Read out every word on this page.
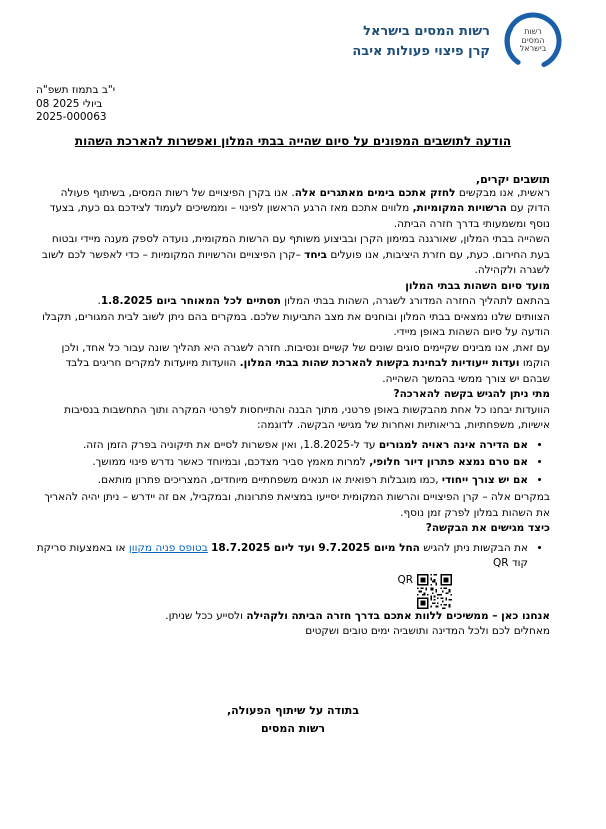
רשות
המסים
בישראל
רשות המסים בישראל
קרן פיצוי פעולות איבה
י"ב בתמוז תשפ"ה
08 ביולי 2025
2025-000063
הודעה לתושבים המפונים על סיום שהייה בבתי המלון ואפשרות להארכת השהות
תושבים יקרים,

ראשית, אנו מבקשים לחזק אתכם בימים מאתגרים אלה. אנו בקרן הפיצויים של רשות המסים, בשיתוף פעולה הדוק עם הרשויות המקומיות, מלווים אתכם מאז הרגע הראשון לפינוי – וממשיכים לעמוד לצידכם גם כעת, בצעד נוסף ומשמעותי בדרך חזרה הביתה.

השהייה בבתי המלון, שאורגנה במימון הקרן ובביצוע משותף עם הרשות המקומית, נועדה לספק מענה מיידי ובטוח בעת החירום. כעת, עם חזרת היציבות, אנו פועלים ביחד –קרן הפיצויים והרשויות המקומיות – כדי לאפשר לכם לשוב לשגרה ולקהילה.

מועד סיום השהות בבתי המלון

בהתאם לתהליך החזרה המדורג לשגרה, השהות בבתי המלון תסתיים לכל המאוחר ביום 1.8.2025.

הצוותים שלנו נמצאים בבתי המלון ובוחנים את מצב התביעות שלכם. במקרים בהם ניתן לשוב לבית המגורים, תקבלו הודעה על סיום השהות באופן מיידי.

עם זאת, אנו מבינים שקיימים סוגים שונים של קשיים ונסיבות. חזרה לשגרה היא תהליך שונה עבור כל אחד, ולכן הוקמו ועדות ייעודיות לבחינת בקשות להארכת שהות בבתי המלון. הוועדות מיועדות למקרים חריגים בלבד שבהם יש צורך ממשי בהמשך השהייה.

מתי ניתן להגיש בקשה להארכה?

הוועדות יבחנו כל אחת מהבקשות באופן פרטני, מתוך הבנה והתייחסות לפרטי המקרה ותוך התחשבות בנסיבות אישיות, משפחתיות, בריאותיות ואחרות של מגישי הבקשה. לדוגמה:

• אם הדירה אינה ראויה למגורים עד ל-1.8.2025, ואין אפשרות לסיים את תיקוניה בפרק הזמן הזה.
• אם טרם נמצא פתרון דיור חלופי, למרות מאמץ סביר מצדכם, ובמיוחד כאשר נדרש פינוי ממושך.
• אם יש צורך ייחודי ,כמו מוגבלות רפואית או תנאים משפחתיים מיוחדים, המצריכים פתרון מותאם.

במקרים אלה – קרן הפיצויים והרשות המקומית יסייעו במציאת פתרונות, ובמקביל, אם זה יידרש – ניתן יהיה להאריך את השהות במלון לפרק זמן נוסף.

כיצד מגישים את הבקשה?

• את הבקשות ניתן להגיש החל מיום 9.7.2025 ועד ליום 18.7.2025 בטופס פניה מקוון או באמצעות סריקת קוד QR
QR

אנחנו כאן – ממשיכים ללוות אתכם בדרך חזרה הביתה ולקהילה ולסייע ככל שניתן.

מאחלים לכם ולכל המדינה ותושביה ימים טובים ושקטים

בתודה על שיתוף הפעולה,
רשות המסים
